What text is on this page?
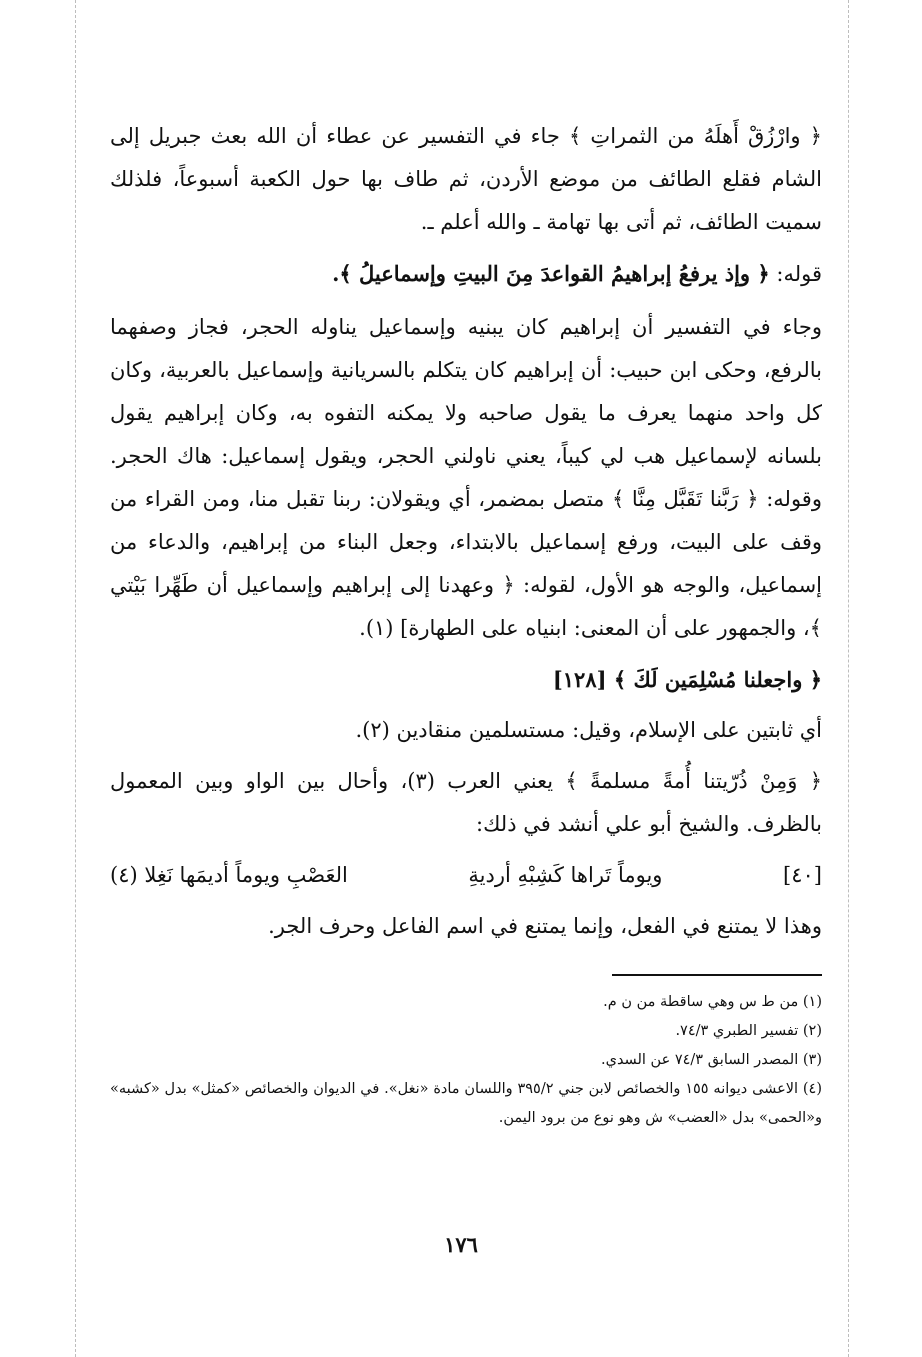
﴿ وارْزُقْ أَهلَهُ من الثمراتِ ﴾ جاء في التفسير عن عطاء أن الله بعث جبريل إلى الشام فقلع الطائف من موضع الأردن، ثم طاف بها حول الكعبة أسبوعاً، فلذلك سميت الطائف، ثم أتى بها تهامة ـ والله أعلم ـ.

قوله: ﴿ وإذ يرفعُ إبراهيمُ القواعدَ مِنَ البيتِ وإسماعيلُ ﴾.

وجاء في التفسير أن إبراهيم كان يبنيه وإسماعيل يناوله الحجر، فجاز وصفهما بالرفع، وحكى ابن حبيب: أن إبراهيم كان يتكلم بالسريانية وإسماعيل بالعربية، وكان كل واحد منهما يعرف ما يقول صاحبه ولا يمكنه التفوه به، وكان إبراهيم يقول بلسانه لإسماعيل هب لي كيباً، يعني ناولني الحجر، ويقول إسماعيل: هاك الحجر. وقوله: ﴿ رَبَّنا تَقَبَّل مِنَّا ﴾ متصل بمضمر، أي ويقولان: ربنا تقبل منا، ومن القراء من وقف على البيت، ورفع إسماعيل بالابتداء، وجعل البناء من إبراهيم، والدعاء من إسماعيل، والوجه هو الأول، لقوله: ﴿ وعهدنا إلى إبراهيم وإسماعيل أن طَهِّرا بَيْتي ﴾، والجمهور على أن المعنى: ابنياه على الطهارة] (١).

﴿ واجعلنا مُسْلِمَين لَكَ ﴾ [١٢٨]

أي ثابتين على الإسلام، وقيل: مستسلمين منقادين (٢).

﴿ وَمِنْ ذُرّيتنا أُمةً مسلمةً ﴾ يعني العرب (٣)، وأحال بين الواو وبين المعمول بالظرف. والشيخ أبو علي أنشد في ذلك:

[٤٠]
ويوماً تَراها كَشِبْهِ أرديةِ
العَصْبِ ويوماً أديمَها نَغِلا (٤)

وهذا لا يمتنع في الفعل، وإنما يمتنع في اسم الفاعل وحرف الجر.

(١) من ط س وهي ساقطة من ن م.

(٢) تفسير الطبري ٧٤/٣.

(٣) المصدر السابق ٧٤/٣ عن السدي.

(٤) الاعشى ديوانه ١٥٥ والخصائص لابن جني ٣٩٥/٢ واللسان مادة «نغل». في الديوان والخصائص «كمثل» بدل «كشبه» و«الحمى» بدل «العضب» ش وهو نوع من برود اليمن.

١٧٦
